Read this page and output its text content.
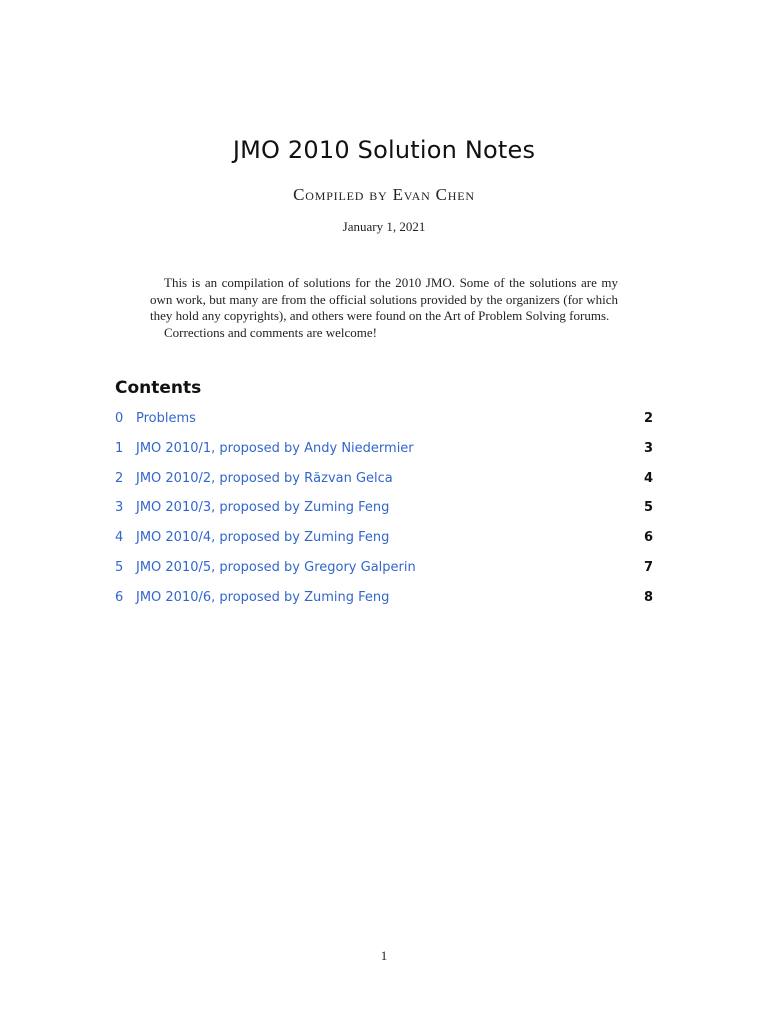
JMO 2010 Solution Notes
Compiled by Evan Chen
January 1, 2021

This is an compilation of solutions for the 2010 JMO. Some of the solutions are my own work, but many are from the official solutions provided by the organizers (for which they hold any copyrights), and others were found on the Art of Problem Solving forums.

Corrections and comments are welcome!

Contents
0 Problems	2
1 JMO 2010/1, proposed by Andy Niedermier	3
2 JMO 2010/2, proposed by Răzvan Gelca	4
3 JMO 2010/3, proposed by Zuming Feng	5
4 JMO 2010/4, proposed by Zuming Feng	6
5 JMO 2010/5, proposed by Gregory Galperin	7
6 JMO 2010/6, proposed by Zuming Feng	8
1
